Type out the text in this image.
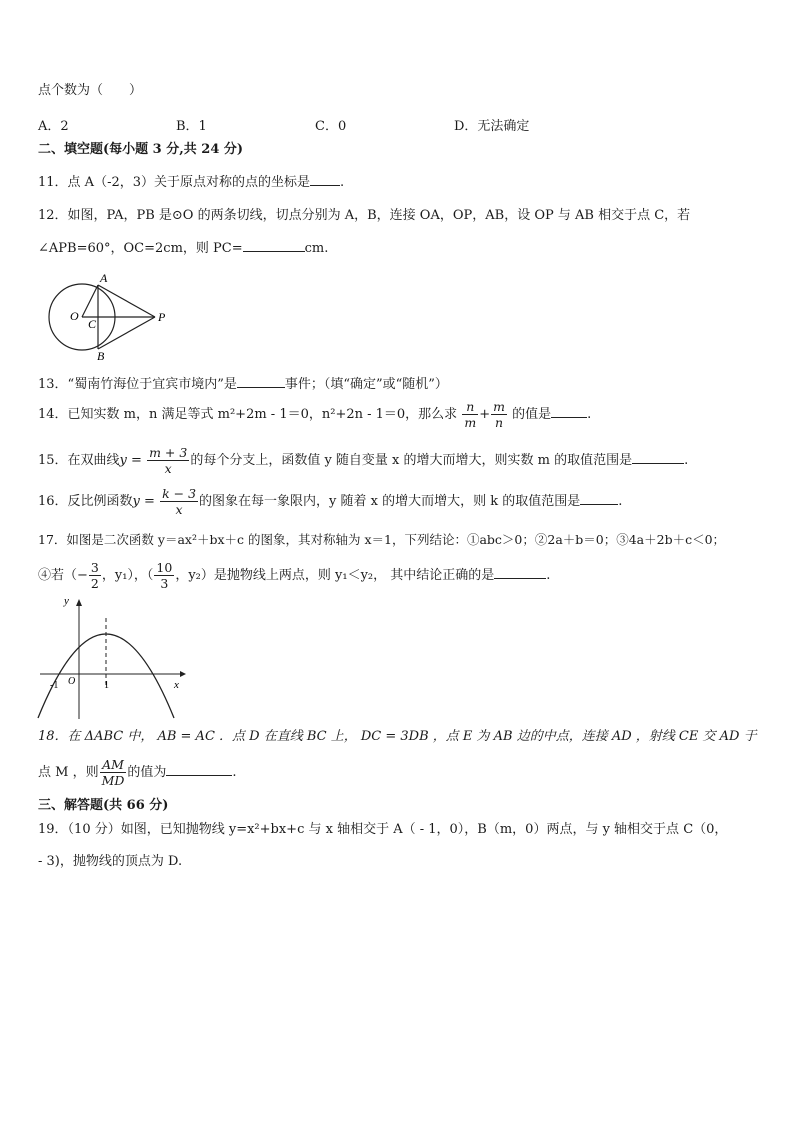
点个数为（　　）
A．2	B．1	C．0	D．无法确定
二、填空题(每小题 3 分,共 24 分)
11．点 A（-2，3）关于原点对称的点的坐标是 .
12．如图，PA，PB 是⊙O 的两条切线，切点分别为 A，B，连接 OA，OP，AB，设 OP 与 AB 相交于点 C，若
∠APB=60°，OC=2cm，则 PC=	cm.
A
O
C	P
B
13．“蜀南竹海位于宜宾市境内”是	事件；（填“确定”或“随机”）
14．已知实数 m，n 满足等式 m²+2m - 1＝0，n²+2n - 1＝0，那么求 $\frac{n}{m} + \frac{m}{n}$ 的值是	.
15．在双曲线$y = \frac{m + 3}{x}$ 的每个分支上，函数值 y 随自变量 x 的增大而增大，则实数 m 的取值范围是	.
16．反比例函数$y = \frac{k - 3}{x}$ 的图象在每一象限内，y 随着 x 的增大而增大，则 k 的取值范围是	.
17．如图是二次函数 y＝ax²＋bx＋c 的图象，其对称轴为 x＝1，下列结论：①abc＞0；②2a＋b＝0；③4a＋2b＋c＜0；
④若（− $\frac{3}{2}$ ，y₁），（ $\frac{10}{3}$ ，y₂）是抛物线上两点，则 y₁＜y₂， 其中结论正确的是	.
y
x
O
-1	1
18．在 ΔABC 中， AB = AC ．点 D 在直线 BC 上， DC = 3DB ，点 E 为 AB 边的中点，连接 AD ，射线 CE 交 AD 于
点 M ，则 $\frac{AM}{MD}$ 的值为	.
三、解答题(共 66 分)
19．（10 分）如图，已知抛物线 y=x²+bx+c 与 x 轴相交于 A（ - 1，0），B（m，0）两点，与 y 轴相交于点 C（0，
- 3)，抛物线的顶点为 D.
